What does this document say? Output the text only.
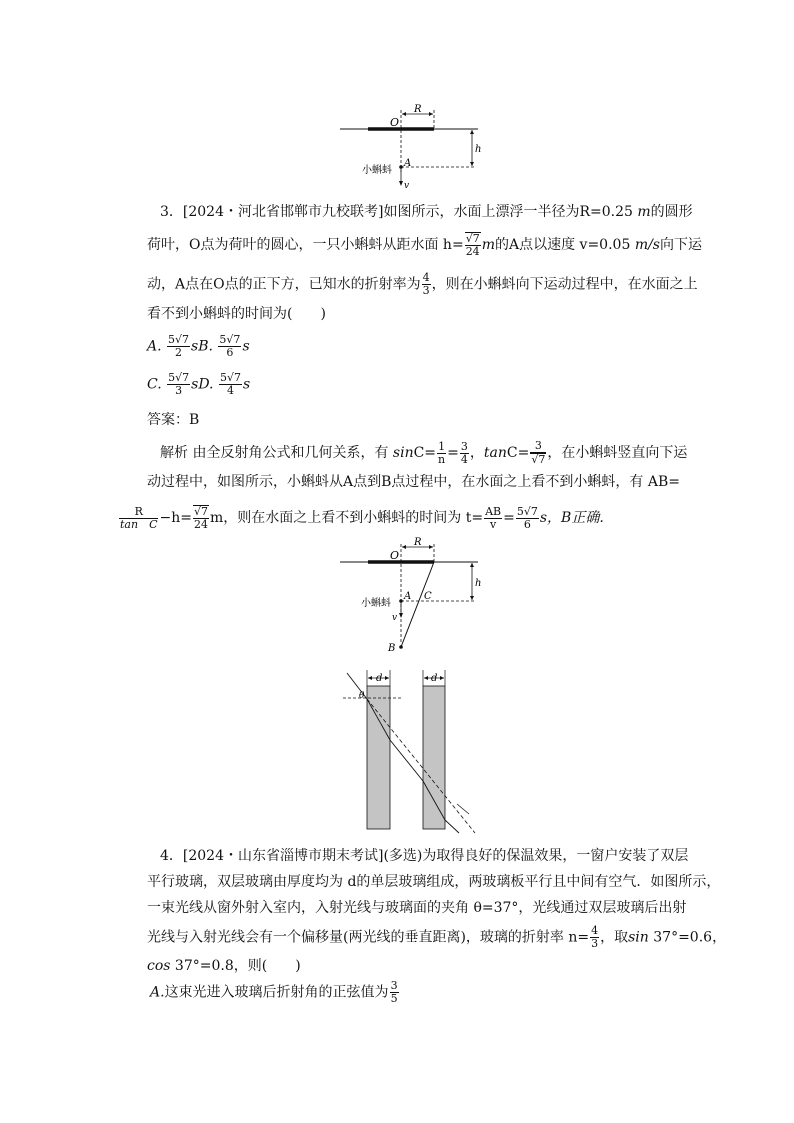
R
O
h
A
v
小蝌蚪
3．[2024・河北省邯郸市九校联考]如图所示，水面上漂浮一半径为R=0.25 m的圆形
荷叶，O点为荷叶的圆心，一只小蝌蚪从距水面 $h= \frac{√7}{24}$ m的A点以速度 v=0.05 m/s向下运
动，A点在O点的正下方，已知水的折射率为 $\frac{4}{3}$ ，则在小蝌蚪向下运动过程中，在水面之上
看不到小蝌蚪的时间为(　　)
A. $\frac{5√7}{2}$ sB. $\frac{5√7}{6}$ s
C. $\frac{5√7}{3}$ sD. $\frac{5√7}{4}$ s
答案：B
解析 由全反射角公式和几何关系，有 $\sin C= \frac{1}{n} = \frac{3}{4}$ ，$\tan C= \frac{3}{√7}$ ，在小蝌蚪竖直向下运
动过程中，如图所示，小蝌蚪从A点到B点过程中，在水面之上看不到小蝌蚪，有 AB=
$\frac{R}{\text{tan　C}} -h= \frac{√7}{24}$ m，则在水面之上看不到小蝌蚪的时间为 $t= \frac{AB}{v} = \frac{5√7}{6}$ s，B正确.
O
R
h
A C
v
B
小蝌蚪
d	d
θ
4．[2024・山东省淄博市期末考试](多选)为取得良好的保温效果，一窗户安装了双层
平行玻璃，双层玻璃由厚度均为 d的单层玻璃组成，两玻璃板平行且中间有空气．如图所示，
一束光线从窗外射入室内，入射光线与玻璃面的夹角 θ=37°，光线通过双层玻璃后出射
光线与入射光线会有一个偏移量(两光线的垂直距离)，玻璃的折射率 $n= \frac{4}{3}$ ，取sin 37°=0.6，
cos 37°=0.8，则(　　)
A.这束光进入玻璃后折射角的正弦值为 $\frac{3}{5}$
